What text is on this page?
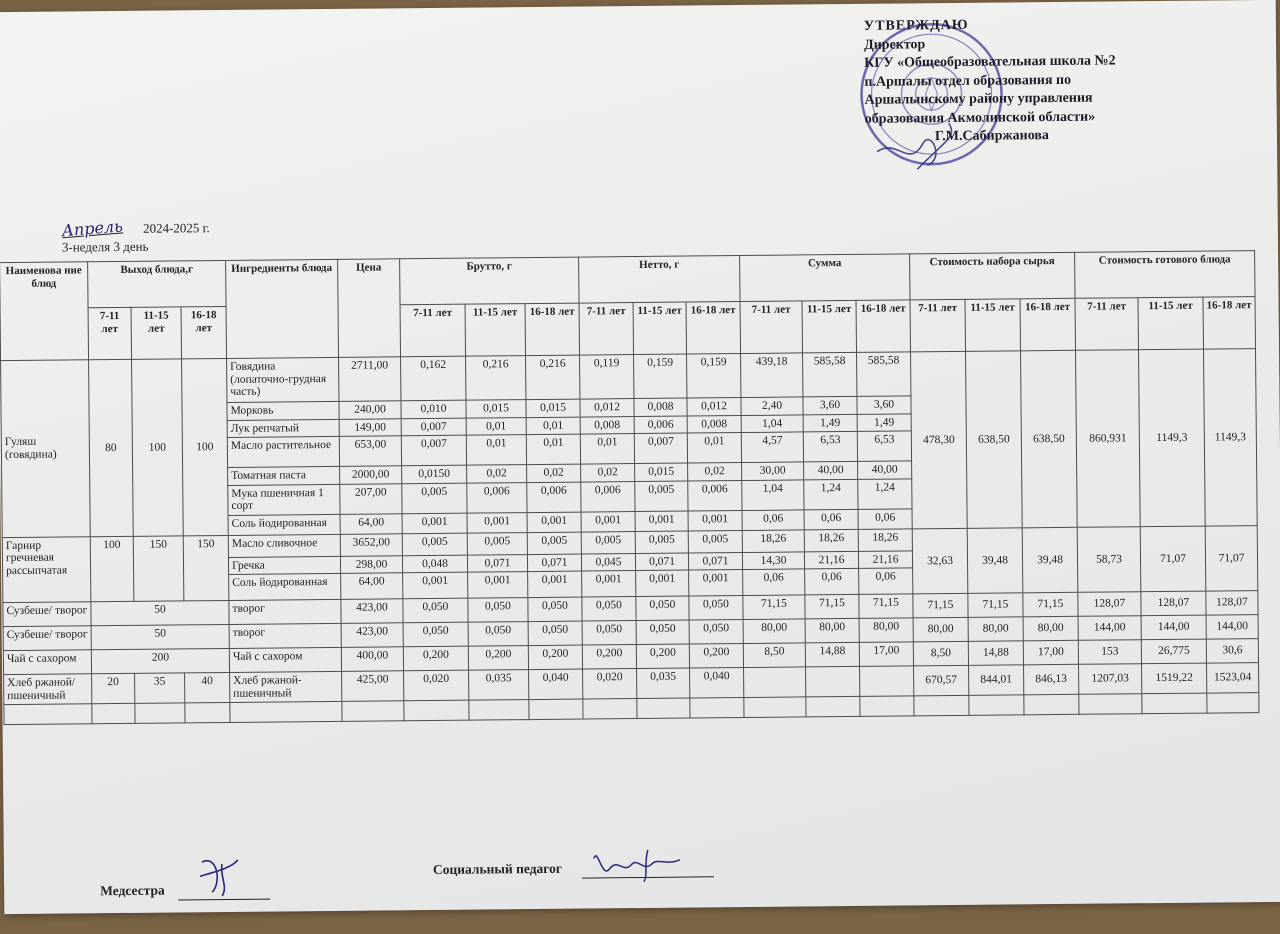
УТВЕРЖДАЮ
Директор
КГУ «Общеобразовательная школа №2
п.Аршалы отдел образования по
Аршалынскому району управления
образования Акмолинской области»
Г.М.Сабиржанова
Апрель 2024-2025 г.
3-неделя 3 день
Наименова ние блюд	Выход блюда,г			Ингредиенты блюда	Цена	Брутто, г			Нетто, г			Сумма			Стоимость набора сырья			Стоимость готового блюда		
	7-11 лет	11-15 лет	16-18 лет			7-11 лет	11-15 лет	16-18 лет	7-11 лет	11-15 лет	16-18 лет	7-11 лет	11-15 лет	16-18 лет	7-11 лет	11-15 лет	16-18 лет	7-11 лет	11-15 лет	16-18 лет
Гуляш (говядина)	80	100	100	Говядина (лопаточно-грудная часть)	2711,00	0,162	0,216	0,216	0,119	0,159	0,159	439,18	585,58	585,58	478,30	638,50	638,50	860,931	1149,3	1149,3
				Морковь	240,00	0,010	0,015	0,015	0,012	0,008	0,012	2,40	3,60	3,60						
				Лук репчатый	149,00	0,007	0,01	0,01	0,008	0,006	0,008	1,04	1,49	1,49						
				Масло растительное	653,00	0,007	0,01	0,01	0,01	0,007	0,01	4,57	6,53	6,53						
				Томатная паста	2000,00	0,0150	0,02	0,02	0,02	0,015	0,02	30,00	40,00	40,00						
				Мука пшеничная 1 сорт	207,00	0,005	0,006	0,006	0,006	0,005	0,006	1,04	1,24	1,24						
				Соль йодированная	64,00	0,001	0,001	0,001	0,001	0,001	0,001	0,06	0,06	0,06						
Гарнир гречневая рассыпчатая	100	150	150	Масло сливочное	3652,00	0,005	0,005	0,005	0,005	0,005	0,005	18,26	18,26	18,26	32,63	39,48	39,48	58,73	71,07	71,07
				Гречка	298,00	0,048	0,071	0,071	0,045	0,071	0,071	14,30	21,16	21,16						
				Соль йодированная	64,00	0,001	0,001	0,001	0,001	0,001	0,001	0,06	0,06	0,06						
Сузбеше/ творог	50			творог	423,00	0,050	0,050	0,050	0,050	0,050	0,050	71,15	71,15	71,15	71,15	71,15	71,15	128,07	128,07	128,07
Сузбеше/ творог	50			творог	423,00	0,050	0,050	0,050	0,050	0,050	0,050	80,00	80,00	80,00	80,00	80,00	80,00	144,00	144,00	144,00
Чай с сахором	200			Чай с сахором	400,00	0,200	0,200	0,200	0,200	0,200	0,200	8,50	14,88	17,00	8,50	14,88	17,00	153	26,775	30,6
Хлеб ржаной/пшеничный	20	35	40	Хлеб ржаной-пшеничный	425,00	0,020	0,035	0,040	0,020	0,035	0,040				670,57	844,01	846,13	1207,03	1519,22	1523,04

Медсестра
Социальный педагог
